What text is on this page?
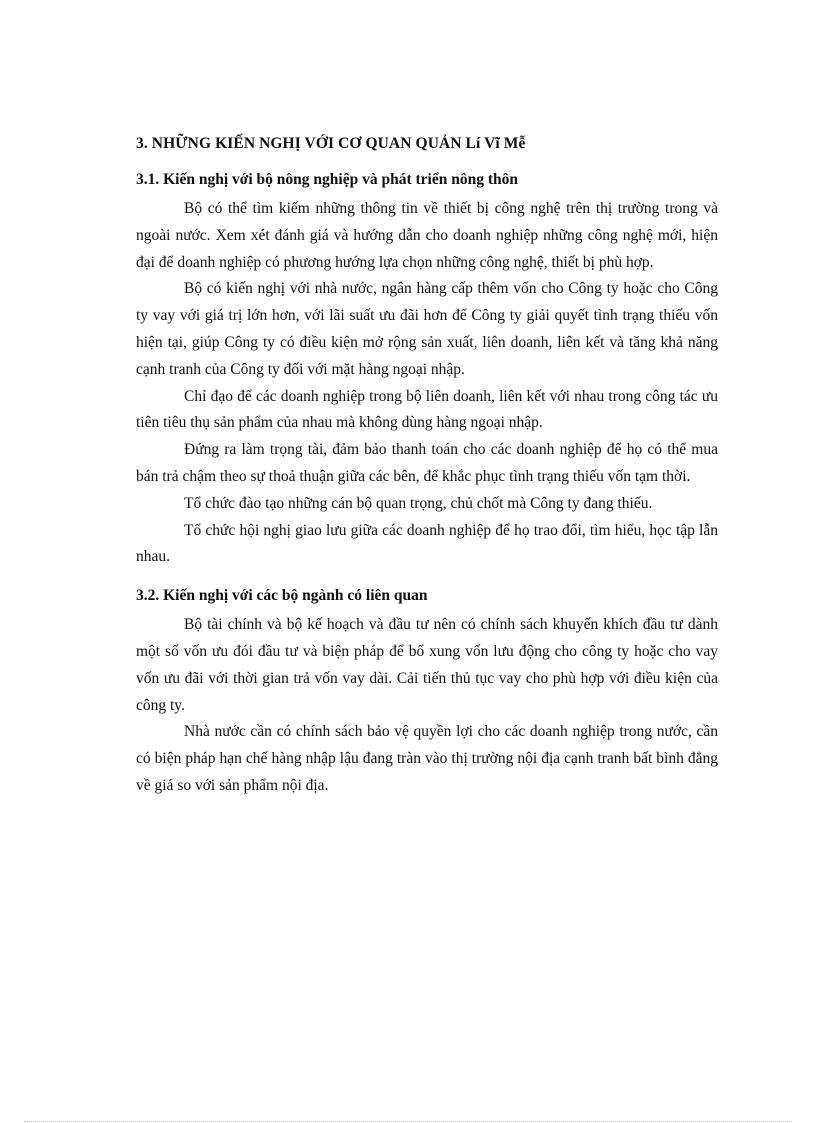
3. NHỮNG KIẾN NGHỊ VỚI CƠ QUAN QUẢN Lí Vĩ Mễ
3.1. Kiến nghị với bộ nông nghiệp và phát triển nông thôn

Bộ có thể tìm kiếm những thông tin về thiết bị công nghệ trên thị trường trong và ngoài nước. Xem xét đánh giá và hướng dẫn cho doanh nghiệp những công nghệ mới, hiện đại để doanh nghiệp có phương hướng lựa chọn những công nghệ, thiết bị phù hợp.

Bộ có kiến nghị với nhà nước, ngân hàng cấp thêm vốn cho Công ty hoặc cho Công ty vay với giá trị lớn hơn, với lãi suất ưu đãi hơn để Công ty giải quyết tình trạng thiếu vốn hiện tại, giúp Công ty có điều kiện mở rộng sản xuất, liên doanh, liên kết và tăng khả năng cạnh tranh của Công ty đối với mặt hàng ngoại nhập.

Chỉ đạo để các doanh nghiệp trong bộ liên doanh, liên kết với nhau trong công tác ưu tiên tiêu thụ sản phẩm của nhau mà không dùng hàng ngoại nhập.

Đứng ra làm trọng tài, đảm bảo thanh toán cho các doanh nghiệp để họ có thể mua bán trả chậm theo sự thoả thuận giữa các bên, để khắc phục tình trạng thiếu vốn tạm thời.

Tổ chức đào tạo những cán bộ quan trọng, chủ chốt mà Công ty đang thiếu.

Tổ chức hội nghị giao lưu giữa các doanh nghiệp để họ trao đổi, tìm hiểu, học tập lẫn nhau.

3.2. Kiến nghị với các bộ ngành có liên quan

Bộ tài chính và bộ kế hoạch và đầu tư nên có chính sách khuyến khích đầu tư dành một số vốn ưu đói đầu tư và biện pháp để bổ xung vốn lưu động cho công ty hoặc cho vay vốn ưu đãi với thời gian trả vốn vay dài. Cải tiến thủ tục vay cho phù hợp với điều kiện của công ty.

Nhà nước cần có chính sách bảo vệ quyền lợi cho các doanh nghiệp trong nước, cần có biện pháp hạn chế hàng nhập lậu đang tràn vào thị trường nội địa cạnh tranh bất bình đẳng về giá so với sản phẩm nội địa.
